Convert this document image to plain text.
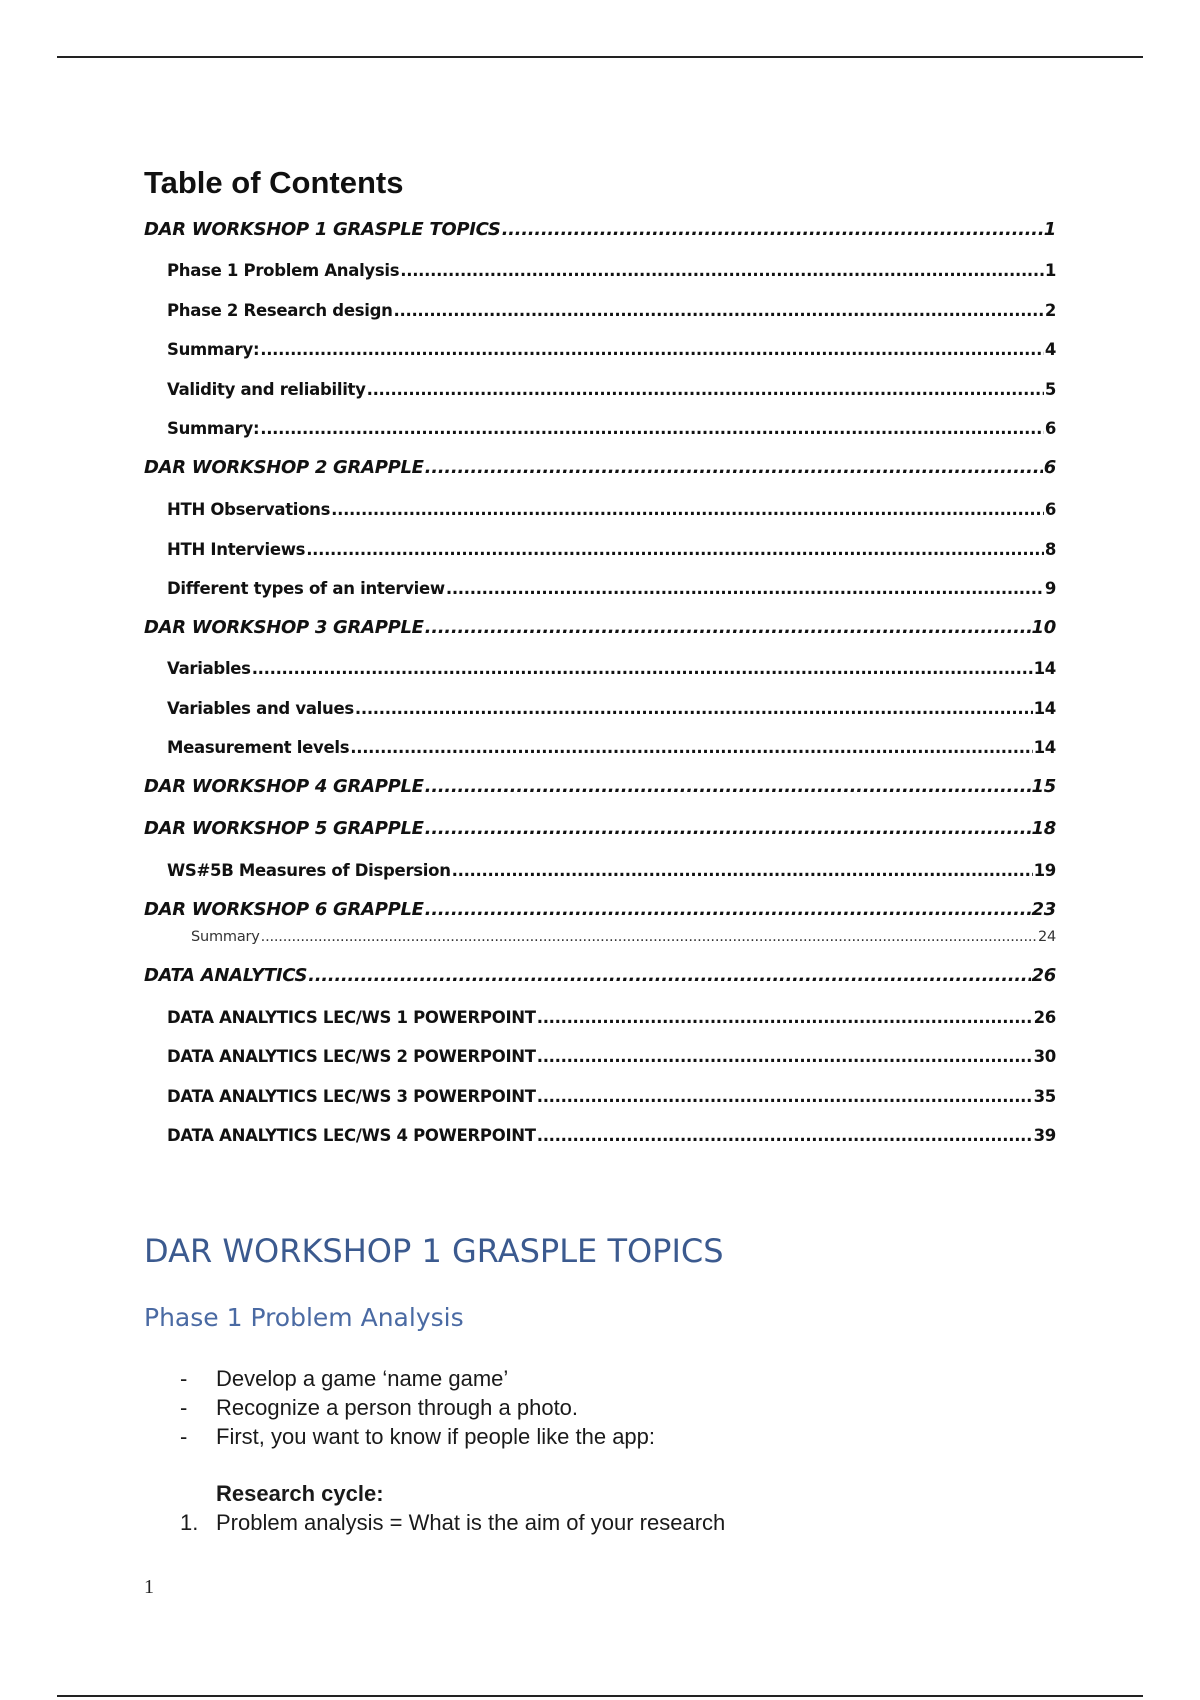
Table of Contents
DAR WORKSHOP 1 GRASPLE TOPICS .....	1
Phase 1 Problem Analysis .....	1
Phase 2 Research design .....	2
Summary: .....	4
Validity and reliability .....	5
Summary: .....	6
DAR WORKSHOP 2 GRAPPLE .....	6
HTH Observations .....	6
HTH Interviews .....	8
Different types of an interview .....	9
DAR WORKSHOP 3 GRAPPLE .....	10
Variables .....	14
Variables and values .....	14
Measurement levels .....	14
DAR WORKSHOP 4 GRAPPLE .....	15
DAR WORKSHOP 5 GRAPPLE .....	18
WS#5B Measures of Dispersion .....	19
DAR WORKSHOP 6 GRAPPLE .....	23
Summary .....	24
DATA ANALYTICS .....	26
DATA ANALYTICS LEC/WS 1 POWERPOINT .....	26
DATA ANALYTICS LEC/WS 2 POWERPOINT .....	30
DATA ANALYTICS LEC/WS 3 POWERPOINT .....	35
DATA ANALYTICS LEC/WS 4 POWERPOINT .....	39
DAR WORKSHOP 1 GRASPLE TOPICS
Phase 1 Problem Analysis
- Develop a game ‘name game’
- Recognize a person through a photo.
- First, you want to know if people like the app:

Research cycle:

1. Problem analysis = What is the aim of your research
1
